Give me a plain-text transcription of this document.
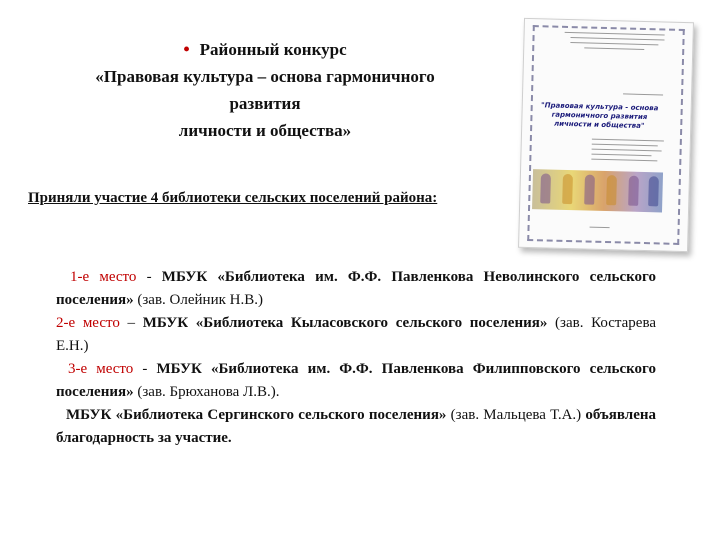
• Районный конкурс
«Правовая культура – основа гармоничного
развития
личности и общества»
"Правовая культура - основа гармоничного развития личности и общества"
Приняли участие 4 библиотеки сельских поселений района:

1-е место - МБУК «Библиотека им. Ф.Ф. Павленкова Неволинского сельского поселения» (зав. Олейник Н.В.)

2-е место – МБУК «Библиотека Кыласовского сельского поселения» (зав. Костарева Е.Н.)

3-е место - МБУК «Библиотека им. Ф.Ф. Павленкова Филипповского сельского поселения» (зав. Брюханова Л.В.).

МБУК «Библиотека Сергинского сельского поселения» (зав. Мальцева Т.А.) объявлена благодарность за участие.
